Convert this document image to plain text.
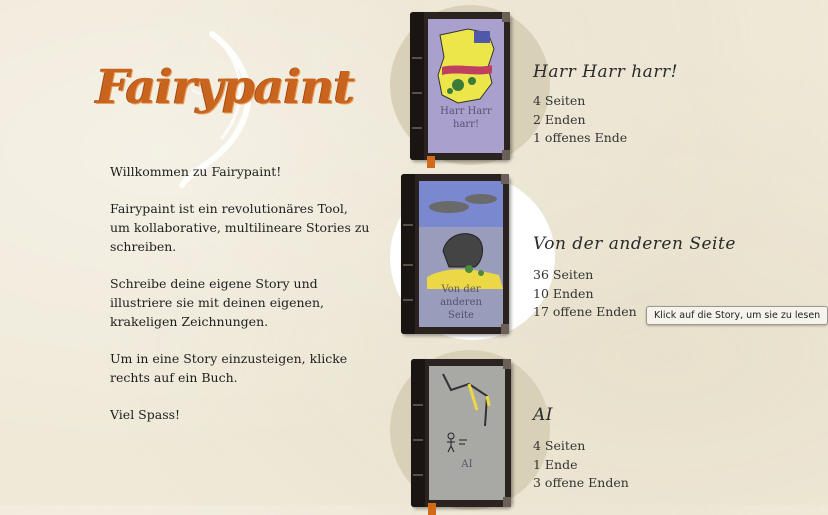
Fairypaint

Willkommen zu Fairypaint!

Fairypaint ist ein revolutionäres Tool, um kollaborative, multilineare Stories zu schreiben.

Schreibe deine eigene Story und illustriere sie mit deinen eigenen, krakeligen Zeichnungen.

Um in eine Story einzusteigen, klicke rechts auf ein Buch.

Viel Spass!

Harr Harr harr!
Harr Harr harr!
4 Seiten
2 Enden
1 offenes Ende
Von der anderen Seite
Von der anderen Seite
36 Seiten
10 Enden
17 offene Enden	Klick auf die Story, um sie zu lesen
AI
AI
4 Seiten
1 Ende
3 offene Enden
